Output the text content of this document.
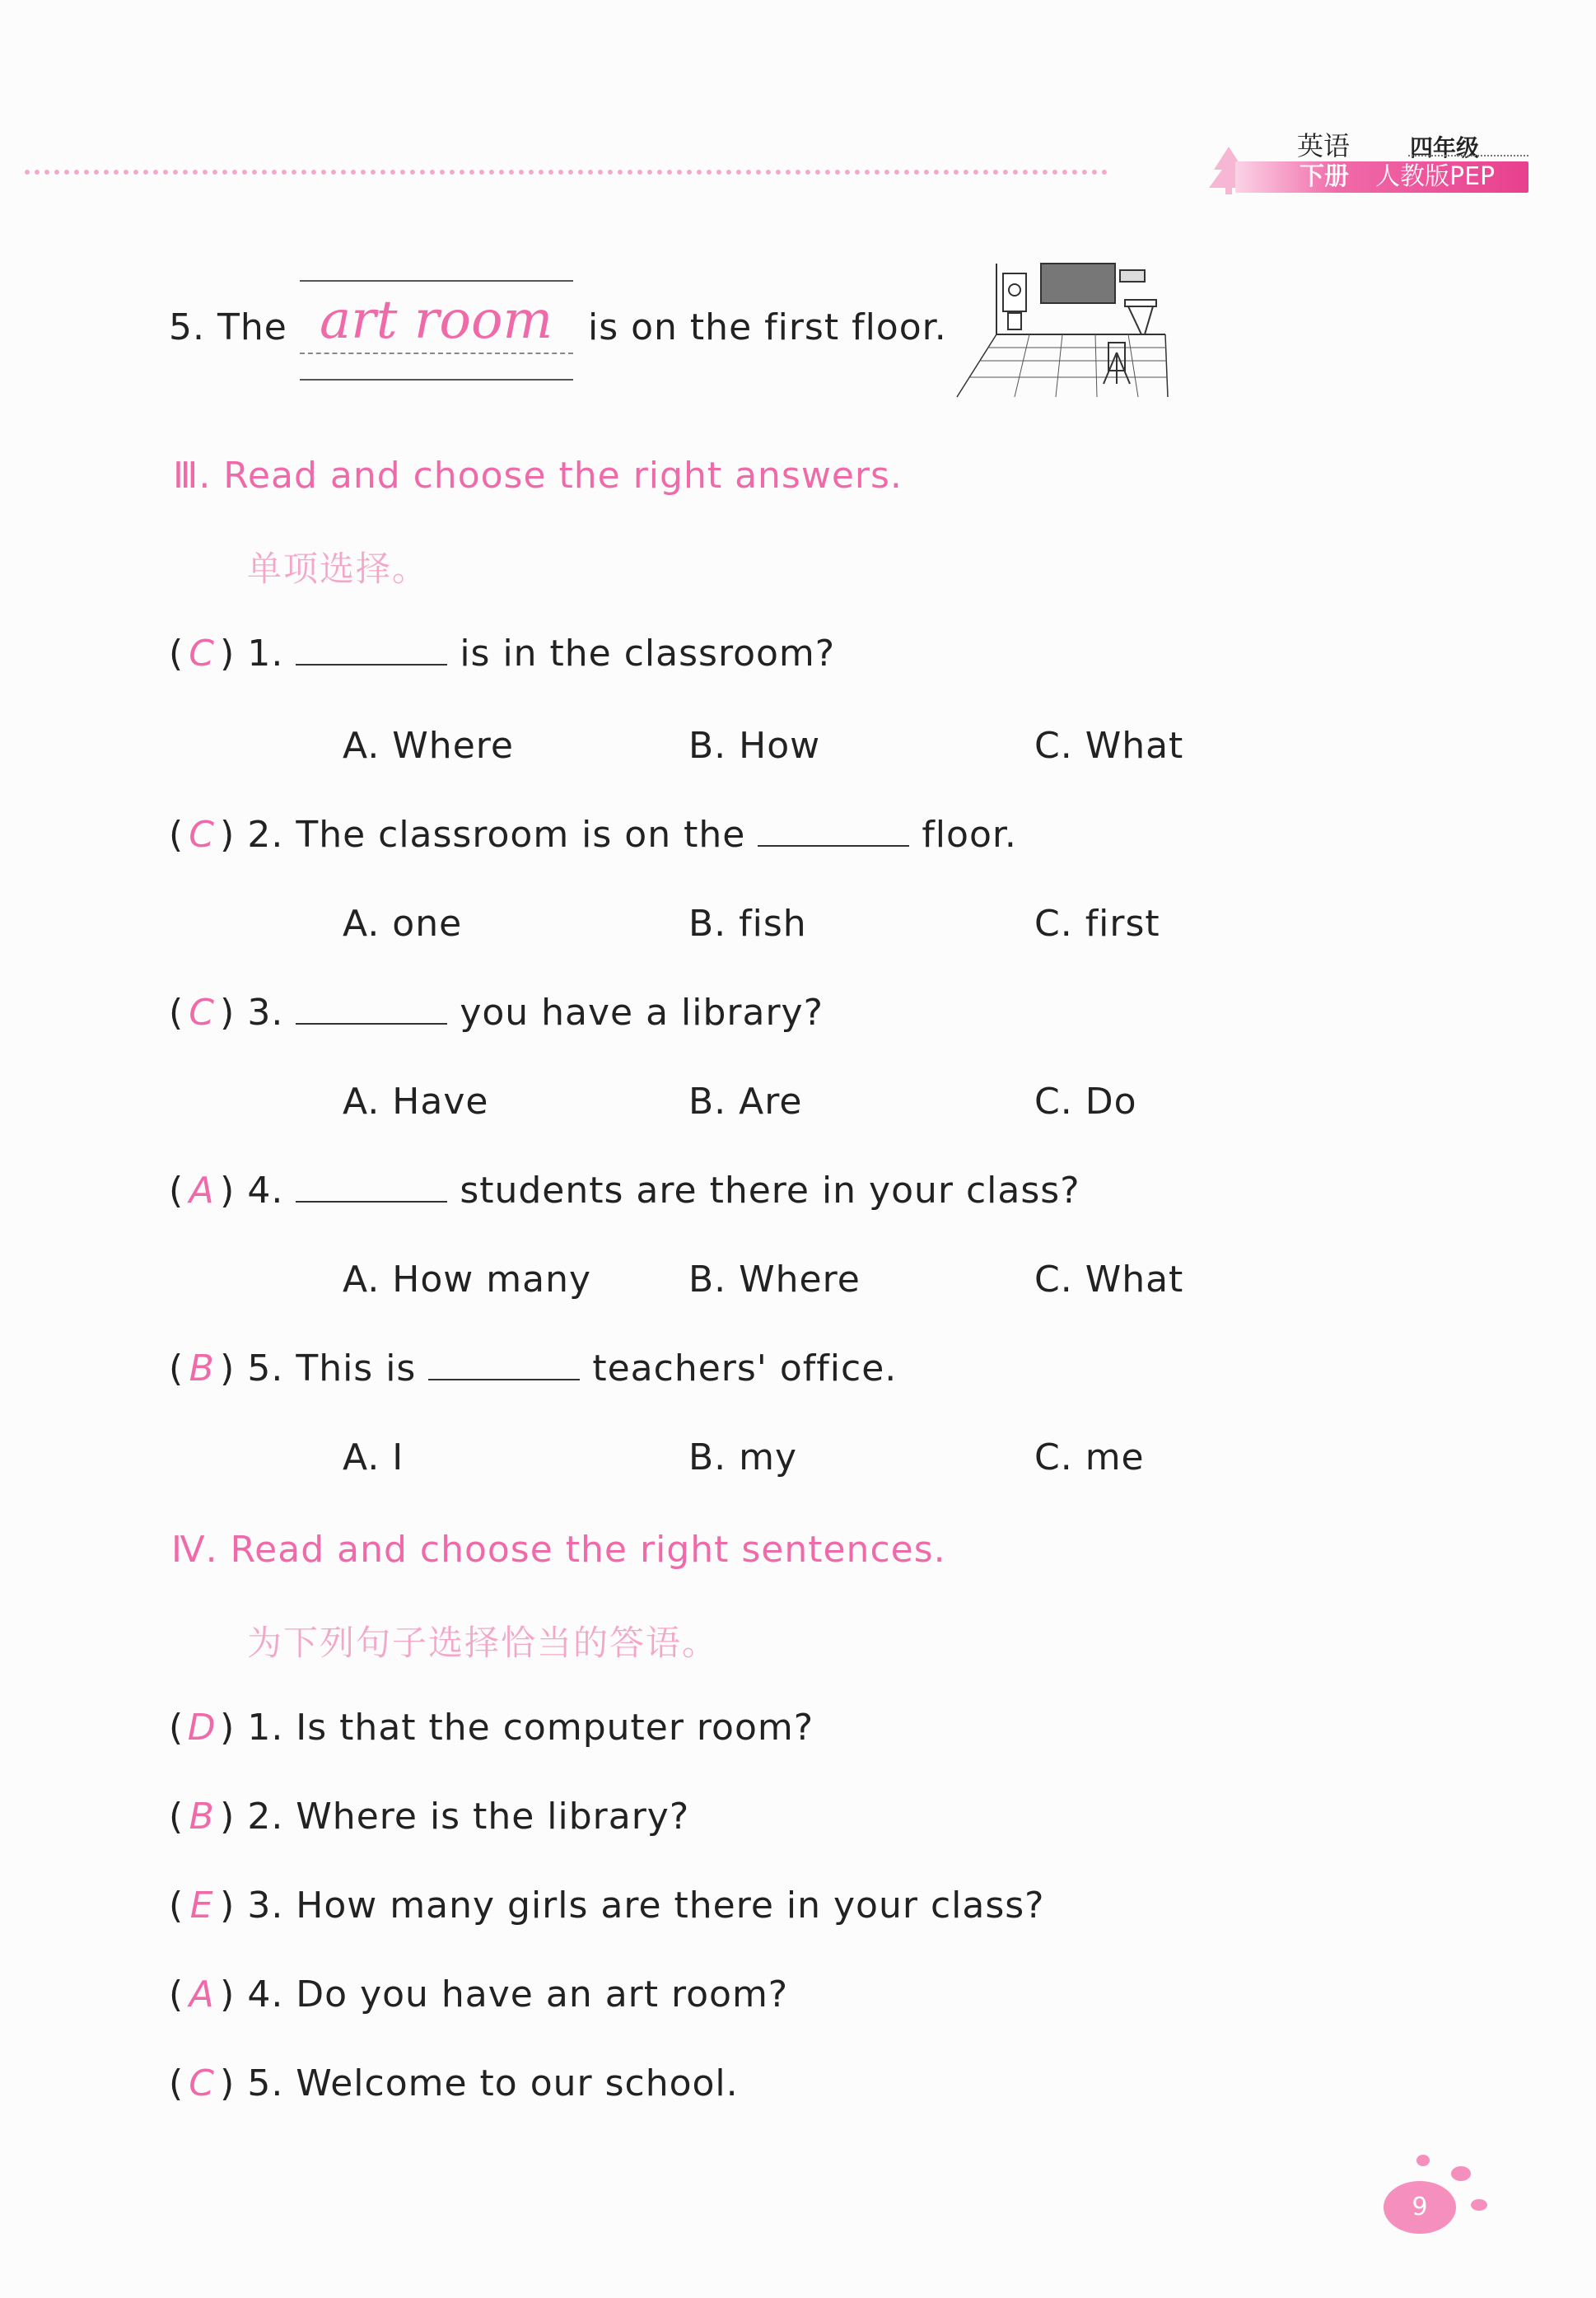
英语	四年级
下册 人教版PEP
5. The art room is on the first floor.
Ⅲ. Read and choose the right answers.
单项选择。
( C ) 1.	is in the classroom?
A. Where	B. How	C. What
( C ) 2. The classroom is on the	floor.
A. one	B. fish	C. first
( C ) 3.	you have a library?
A. Have	B. Are	C. Do
( A ) 4.	students are there in your class?
A. How many	B. Where	C. What
( B ) 5. This is	teachers' office.
A. I	B. my	C. me
Ⅳ. Read and choose the right sentences.
为下列句子选择恰当的答语。
( D ) 1. Is that the computer room?
( B ) 2. Where is the library?
( E ) 3. How many girls are there in your class?
( A ) 4. Do you have an art room?
( C ) 5. Welcome to our school.
9
